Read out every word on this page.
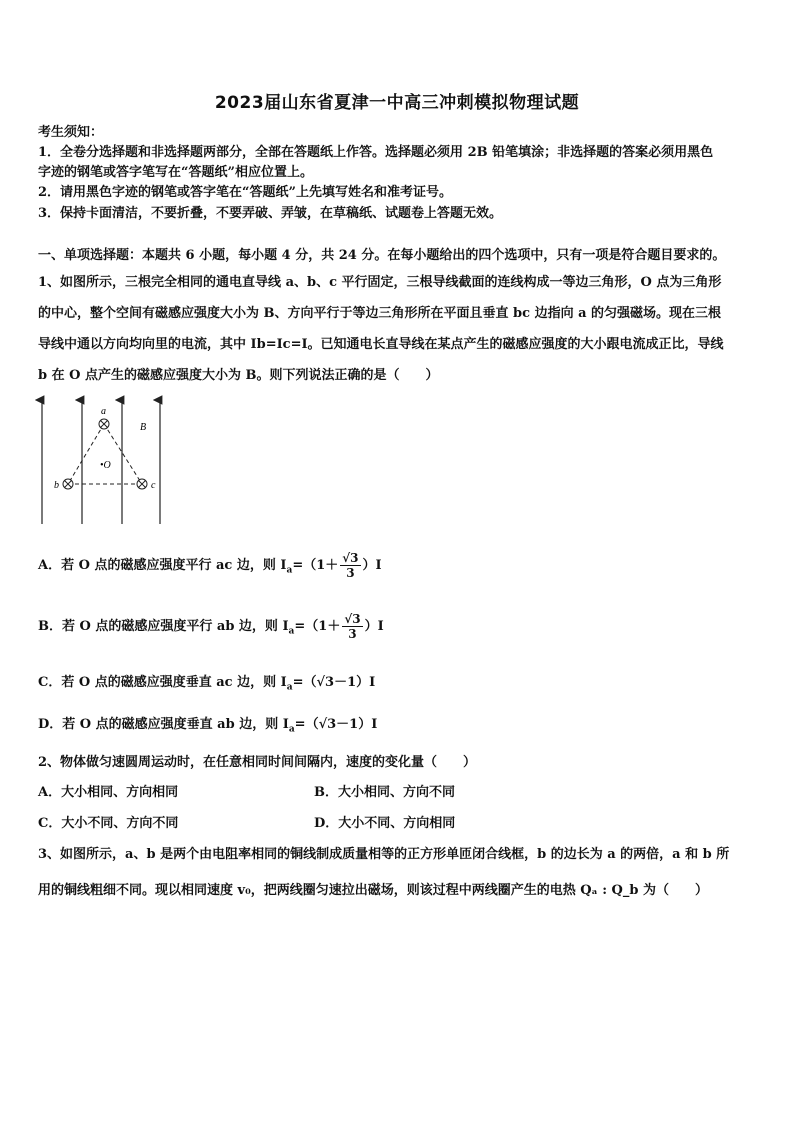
2023届山东省夏津一中高三冲刺模拟物理试题
考生须知：
1．全卷分选择题和非选择题两部分，全部在答题纸上作答。选择题必须用 2B 铅笔填涂；非选择题的答案必须用黑色
字迹的钢笔或答字笔写在“答题纸”相应位置上。
2．请用黑色字迹的钢笔或答字笔在“答题纸”上先填写姓名和准考证号。
3．保持卡面清洁，不要折叠，不要弄破、弄皱，在草稿纸、试题卷上答题无效。
一、单项选择题：本题共 6 小题，每小题 4 分，共 24 分。在每小题给出的四个选项中，只有一项是符合题目要求的。
1、如图所示，三根完全相同的通电直导线 a、b、c 平行固定，三根导线截面的连线构成一等边三角形，O 点为三角形
的中心，整个空间有磁感应强度大小为 B、方向平行于等边三角形所在平面且垂直 bc 边指向 a 的匀强磁场。现在三根
导线中通以方向均向里的电流，其中 Ib=Ic=I。已知通电长直导线在某点产生的磁感应强度的大小跟电流成正比，导线
b 在 O 点产生的磁感应强度大小为 B。则下列说法正确的是（　　）
a
b	c
•O
B
A．若 O 点的磁感应强度平行 ac 边，则 $I_a=(1+ \frac{√3}{3} )I$
B．若 O 点的磁感应强度平行 ab 边，则 $I_a=(1+ \frac{√3}{3} )I$
C．若 O 点的磁感应强度垂直 ac 边，则 $I_a=(√3-1)I$
D．若 O 点的磁感应强度垂直 ab 边，则 $I_a=(√3-1)I$
2、物体做匀速圆周运动时，在任意相同时间间隔内，速度的变化量（　　）
A．大小相同、方向相同	B．大小相同、方向不同
C．大小不同、方向不同	D．大小不同、方向相同
3、如图所示，a、b 是两个由电阻率相同的铜线制成质量相等的正方形单匝闭合线框，b 的边长为 a 的两倍，a 和 b 所
用的铜线粗细不同。现以相同速度 v₀，把两线圈匀速拉出磁场，则该过程中两线圈产生的电热 Qₐ : Q_b 为（　　）
